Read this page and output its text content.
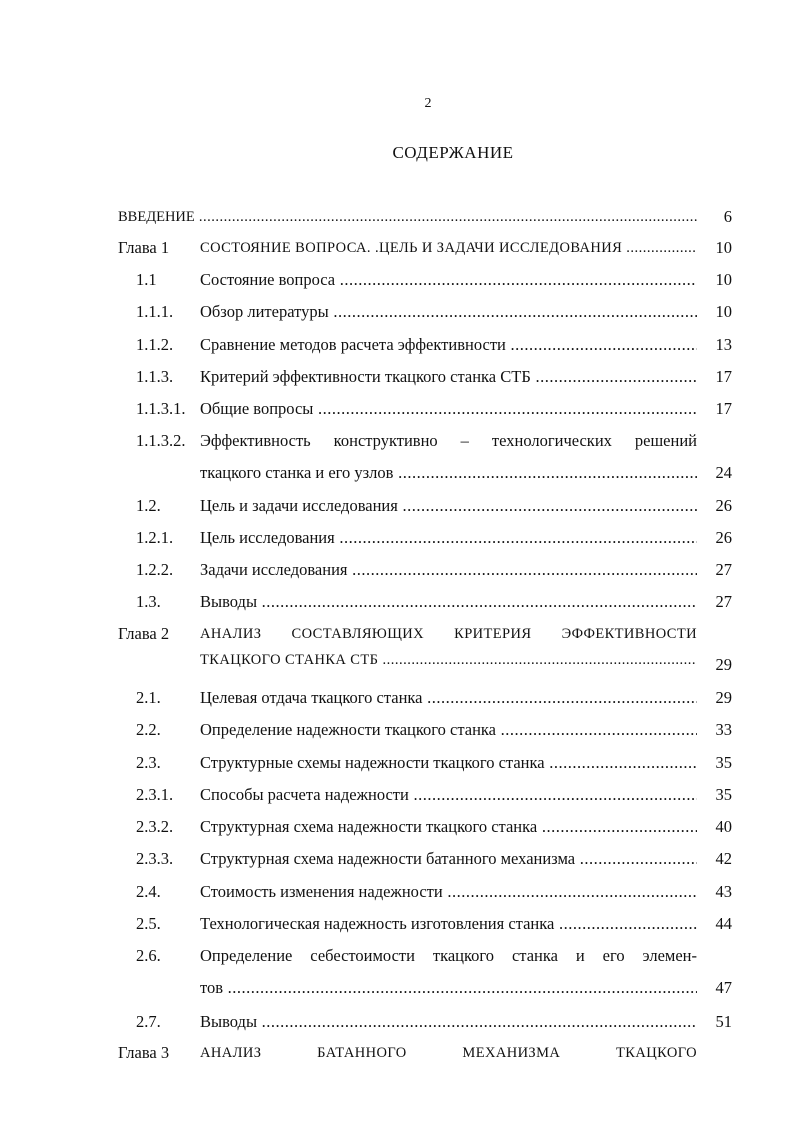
2
СОДЕРЖАНИЕ
ВВЕДЕНИЕ .....	6
Глава 1 СОСТОЯНИЕ ВОПРОСА. .ЦЕЛЬ И ЗАДАЧИ ИССЛЕДОВАНИЯ .....	10
1.1	Состояние вопроса .....	10
1.1.1. Обзор литературы .....	10
1.1.2. Сравнение методов расчета эффективности .....	13
1.1.3. Критерий эффективности ткацкого станка СТБ .....	17
1.1.3.1. Общие вопросы .....	17
1.1.3.2. Эффективность конструктивно – технологических решений
ткацкого станка и его узлов .....	24
1.2. Цель и задачи исследования .....	26
1.2.1. Цель исследования .....	26
1.2.2. Задачи исследования .....	27
1.3. Выводы .....	27
Глава 2 АНАЛИЗ СОСТАВЛЯЮЩИХ КРИТЕРИЯ ЭФФЕКТИВНОСТИ
ТКАЦКОГО СТАНКА СТБ .....	29
2.1. Целевая отдача ткацкого станка .....	29
2.2. Определение надежности ткацкого станка .....	33
2.3. Структурные схемы надежности ткацкого станка .....	35
2.3.1. Способы расчета надежности .....	35
2.3.2. Структурная схема надежности ткацкого станка .....	40
2.3.3. Структурная схема надежности батанного механизма .....	42
2.4. Стоимость изменения надежности .....	43
2.5. Технологическая надежность изготовления станка .....	44
2.6. Определение себестоимости ткацкого станка и его элемен-
тов .....	47
2.7. Выводы .....	51
Глава 3 АНАЛИЗ БАТАННОГО МЕХАНИЗМА ТКАЦКОГО
